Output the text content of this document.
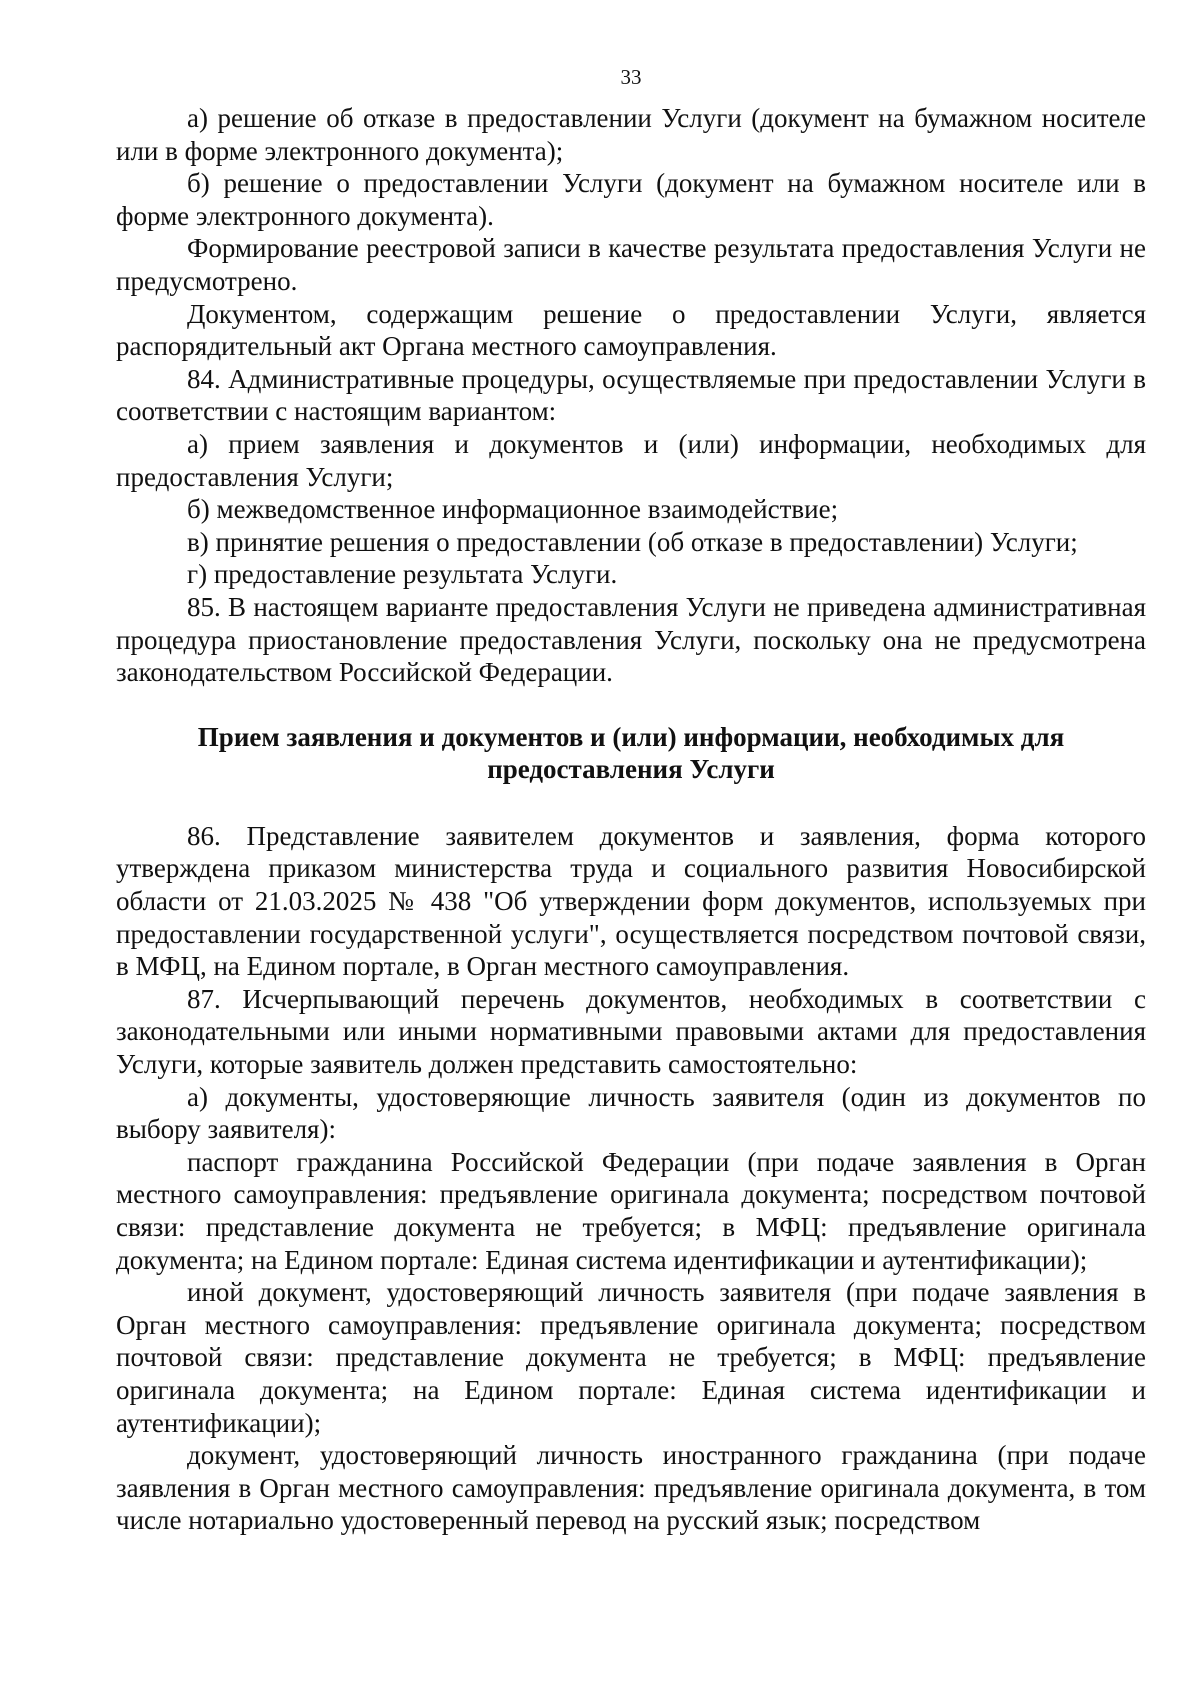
33

а) решение об отказе в предоставлении Услуги (документ на бумажном носителе или в форме электронного документа);

б) решение о предоставлении Услуги (документ на бумажном носителе или в форме электронного документа).

Формирование реестровой записи в качестве результата предоставления Услуги не предусмотрено.

Документом, содержащим решение о предоставлении Услуги, является распорядительный акт Органа местного самоуправления.

84. Административные процедуры, осуществляемые при предоставлении Услуги в соответствии с настоящим вариантом:

а) прием заявления и документов и (или) информации, необходимых для предоставления Услуги;

б) межведомственное информационное взаимодействие;

в) принятие решения о предоставлении (об отказе в предоставлении) Услуги;

г) предоставление результата Услуги.

85. В настоящем варианте предоставления Услуги не приведена административная процедура приостановление предоставления Услуги, поскольку она не предусмотрена законодательством Российской Федерации.

Прием заявления и документов и (или) информации, необходимых для предоставления Услуги

86. Представление заявителем документов и заявления, форма которого утверждена приказом министерства труда и социального развития Новосибирской области от 21.03.2025 № 438 "Об утверждении форм документов, используемых при предоставлении государственной услуги", осуществляется посредством почтовой связи, в МФЦ, на Едином портале, в Орган местного самоуправления.

87. Исчерпывающий перечень документов, необходимых в соответствии с законодательными или иными нормативными правовыми актами для предоставления Услуги, которые заявитель должен представить самостоятельно:

а) документы, удостоверяющие личность заявителя (один из документов по выбору заявителя):

паспорт гражданина Российской Федерации (при подаче заявления в Орган местного самоуправления: предъявление оригинала документа; посредством почтовой связи: представление документа не требуется; в МФЦ: предъявление оригинала документа; на Едином портале: Единая система идентификации и аутентификации);

иной документ, удостоверяющий личность заявителя (при подаче заявления в Орган местного самоуправления: предъявление оригинала документа; посредством почтовой связи: представление документа не требуется; в МФЦ: предъявление оригинала документа; на Едином портале: Единая система идентификации и аутентификации);

документ, удостоверяющий личность иностранного гражданина (при подаче заявления в Орган местного самоуправления: предъявление оригинала документа, в том числе нотариально удостоверенный перевод на русский язык; посредством
